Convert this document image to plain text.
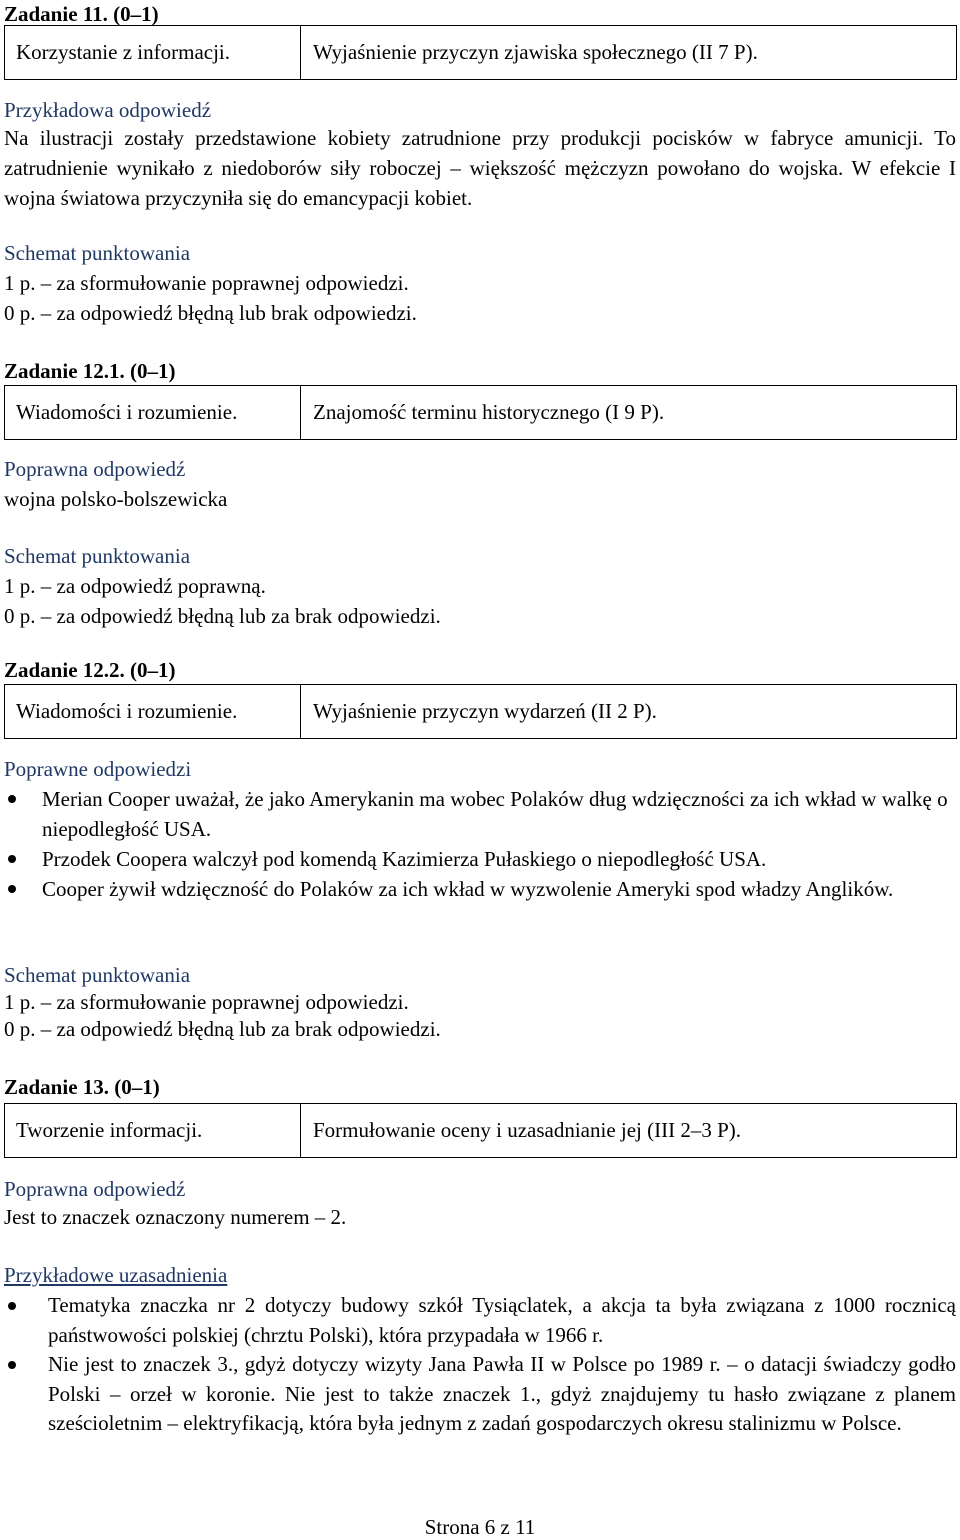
Zadanie 11. (0–1)
Korzystanie z informacji.	Wyjaśnienie przyczyn zjawiska społecznego (II 7 P).
Przykładowa odpowiedź
Na ilustracji zostały przedstawione kobiety zatrudnione przy produkcji pocisków w fabryce amunicji. To zatrudnienie wynikało z niedoborów siły roboczej – większość mężczyzn powołano do wojska. W efekcie I wojna światowa przyczyniła się do emancypacji kobiet.
Schemat punktowania
1 p. – za sformułowanie poprawnej odpowiedzi.
0 p. – za odpowiedź błędną lub brak odpowiedzi.
Zadanie 12.1. (0–1)
Wiadomości i rozumienie.	Znajomość terminu historycznego (I 9 P).
Poprawna odpowiedź
wojna polsko-bolszewicka
Schemat punktowania
1 p. – za odpowiedź poprawną.
0 p. – za odpowiedź błędną lub za brak odpowiedzi.
Zadanie 12.2. (0–1)
Wiadomości i rozumienie.	Wyjaśnienie przyczyn wydarzeń (II 2 P).
Poprawne odpowiedzi
Merian Cooper uważał, że jako Amerykanin ma wobec Polaków dług wdzięczności za ich wkład w walkę o niepodległość USA.
Przodek Coopera walczył pod komendą Kazimierza Pułaskiego o niepodległość USA.
Cooper żywił wdzięczność do Polaków za ich wkład w wyzwolenie Ameryki spod władzy Anglików.
Schemat punktowania
1 p. – za sformułowanie poprawnej odpowiedzi.
0 p. – za odpowiedź błędną lub za brak odpowiedzi.
Zadanie 13. (0–1)
Tworzenie informacji.	Formułowanie oceny i uzasadnianie jej (III 2–3 P).
Poprawna odpowiedź
Jest to znaczek oznaczony numerem – 2.
Przykładowe uzasadnienia
Tematyka znaczka nr 2 dotyczy budowy szkół Tysiąclatek, a akcja ta była związana z 1000 rocznicą państwowości polskiej (chrztu Polski), która przypadała w 1966 r.
Nie jest to znaczek 3., gdyż dotyczy wizyty Jana Pawła II w Polsce po 1989 r. – o datacji świadczy godło Polski – orzeł w koronie. Nie jest to także znaczek 1., gdyż znajdujemy tu hasło związane z planem sześcioletnim – elektryfikacją, która była jednym z zadań gospodarczych okresu stalinizmu w Polsce.
Strona 6 z 11
